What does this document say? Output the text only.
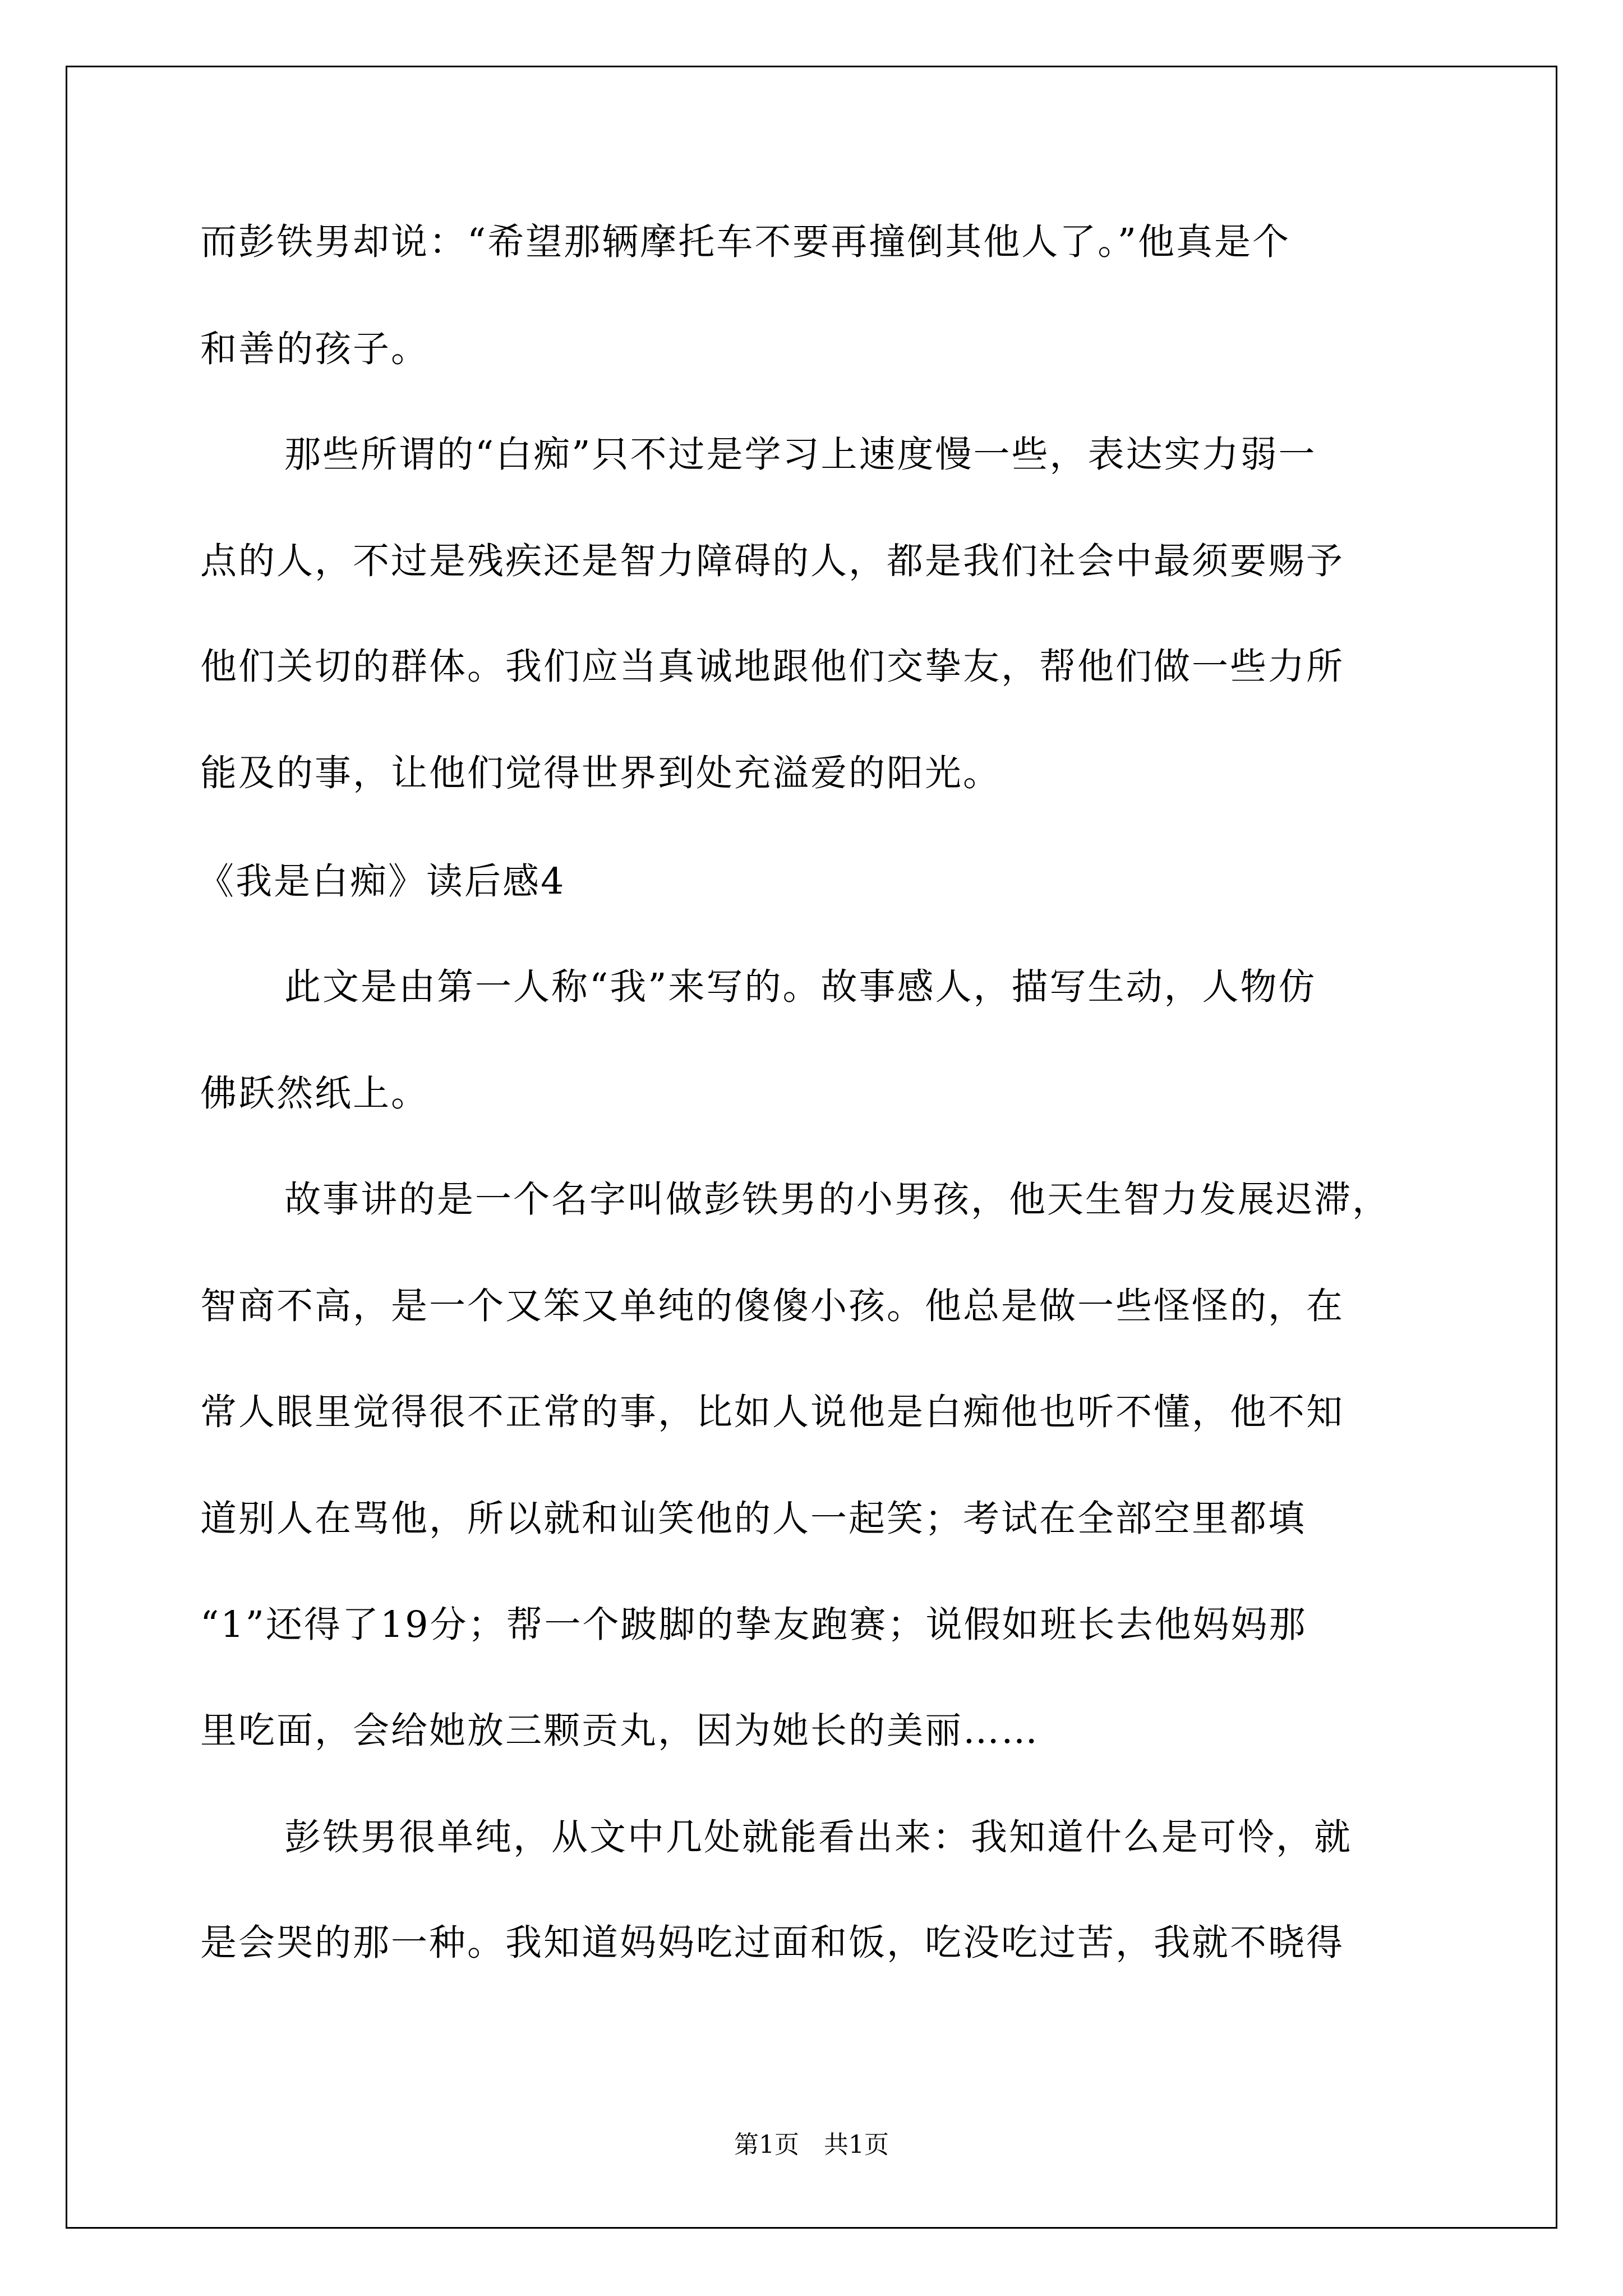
而彭铁男却说：“希望那辆摩托车不要再撞倒其他人了。”他真是个
和善的孩子。
那些所谓的“白痴”只不过是学习上速度慢一些，表达实力弱一
点的人，不过是残疾还是智力障碍的人，都是我们社会中最须要赐予
他们关切的群体。我们应当真诚地跟他们交挚友，帮他们做一些力所
能及的事，让他们觉得世界到处充溢爱的阳光。
《我是白痴》读后感4
此文是由第一人称“我”来写的。故事感人，描写生动，人物仿
佛跃然纸上。
故事讲的是一个名字叫做彭铁男的小男孩，他天生智力发展迟滞，
智商不高，是一个又笨又单纯的傻傻小孩。他总是做一些怪怪的，在
常人眼里觉得很不正常的事，比如人说他是白痴他也听不懂，他不知
道别人在骂他，所以就和讪笑他的人一起笑；考试在全部空里都填
“1”还得了19分；帮一个跛脚的挚友跑赛；说假如班长去他妈妈那
里吃面，会给她放三颗贡丸，因为她长的美丽……
彭铁男很单纯，从文中几处就能看出来：我知道什么是可怜，就
是会哭的那一种。我知道妈妈吃过面和饭，吃没吃过苦，我就不晓得
第1页　共1页
